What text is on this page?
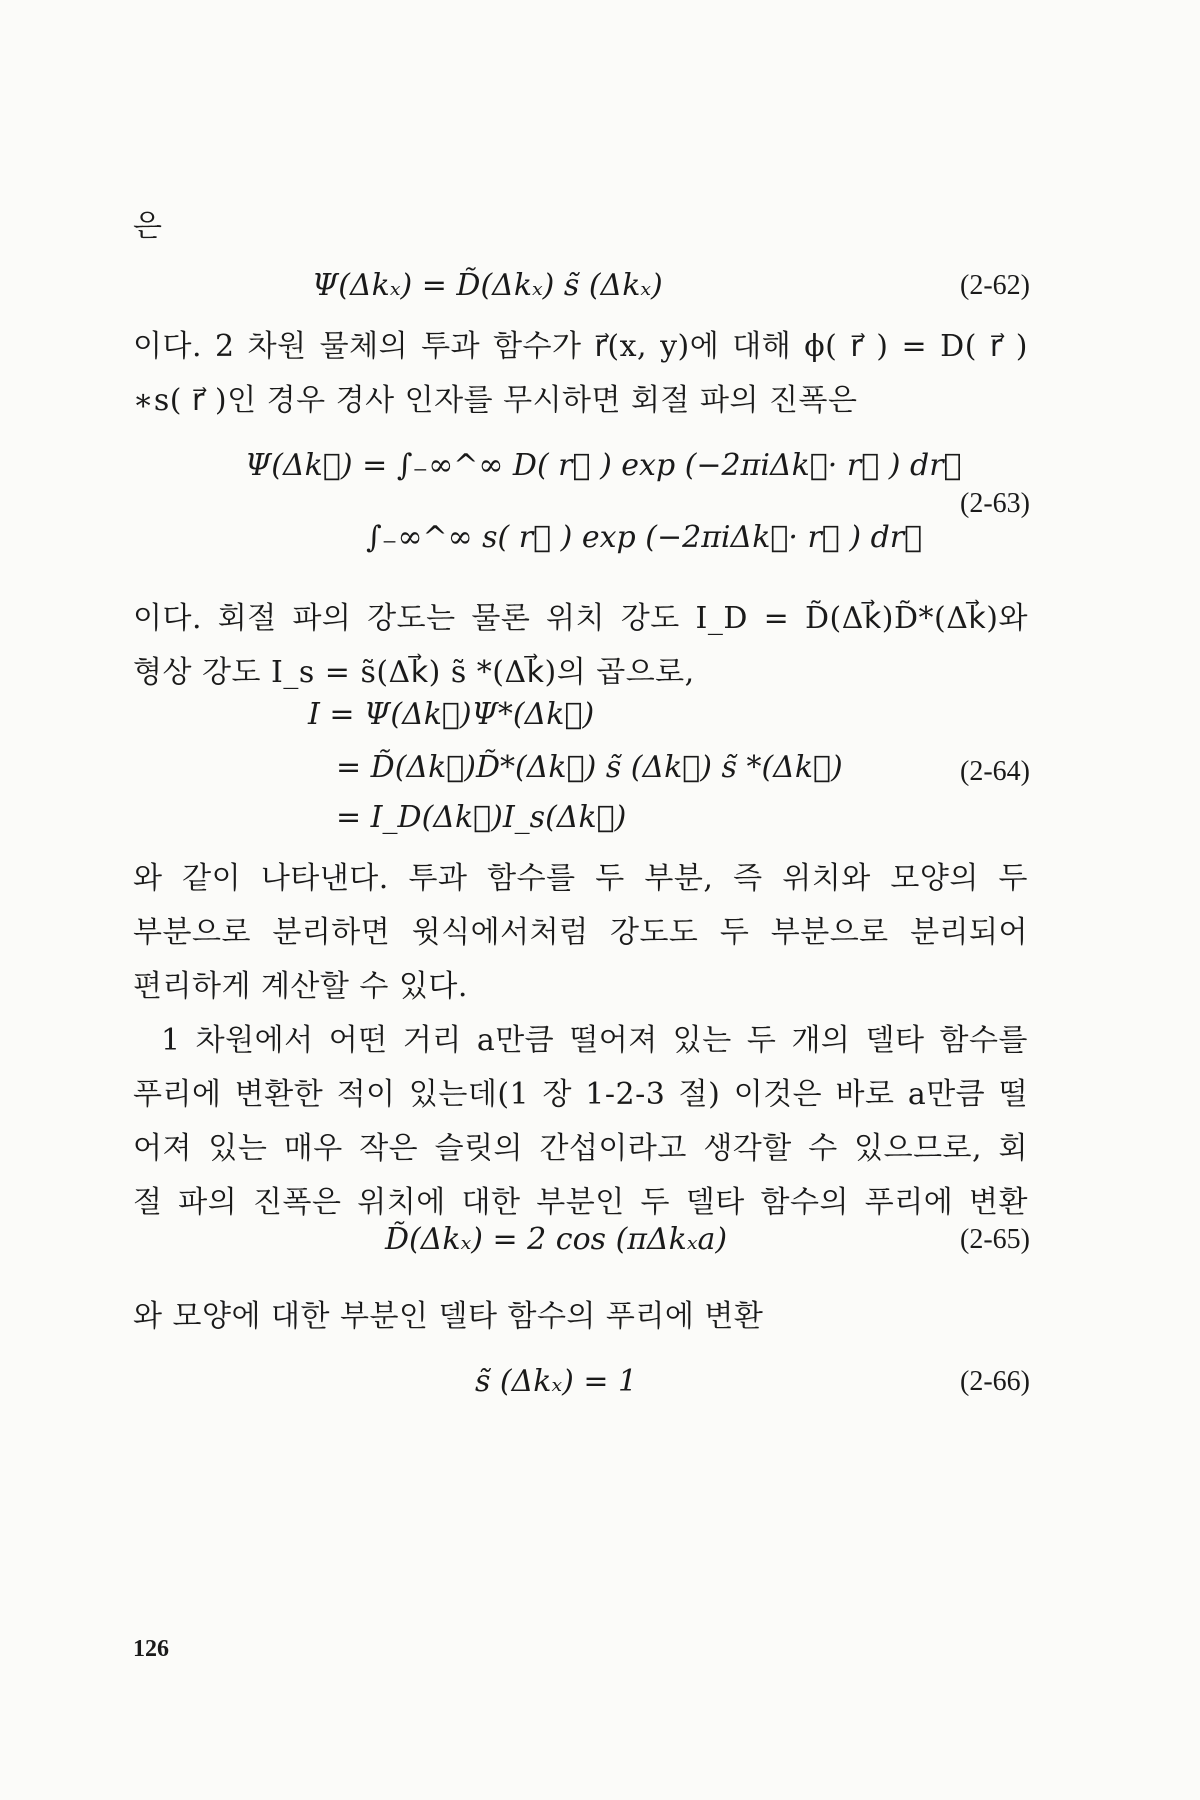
은
Ψ(Δkₓ) = D̃(Δkₓ) s̃ (Δkₓ)	(2-62)
이다. 2 차원 물체의 투과 함수가 r⃗(x, y)에 대해 ϕ( r⃗ ) = D( r⃗ )
∗s( r⃗ )인 경우 경사 인자를 무시하면 회절 파의 진폭은
Ψ(Δk⃗) = ∫₋∞^∞ D( r⃗ ) exp (−2πiΔk⃗· r⃗ ) dr⃗
∫₋∞^∞ s( r⃗ ) exp (−2πiΔk⃗· r⃗ ) dr⃗
(2-63)
이다. 회절 파의 강도는 물론 위치 강도 I_D = D̃(Δk⃗)D̃*(Δk⃗)와
형상 강도 I_s = s̃(Δk⃗) s̃ *(Δk⃗)의 곱으로,
I = Ψ(Δk⃗)Ψ*(Δk⃗)
= D̃(Δk⃗)D̃*(Δk⃗) s̃ (Δk⃗) s̃ *(Δk⃗)
= I_D(Δk⃗)I_s(Δk⃗)
(2-64)
와 같이 나타낸다. 투과 함수를 두 부분, 즉 위치와 모양의 두
부분으로 분리하면 윗식에서처럼 강도도 두 부분으로 분리되어
편리하게 계산할 수 있다.
1 차원에서 어떤 거리 a만큼 떨어져 있는 두 개의 델타 함수를
푸리에 변환한 적이 있는데(1 장 1-2-3 절) 이것은 바로 a만큼 떨
어져 있는 매우 작은 슬릿의 간섭이라고 생각할 수 있으므로, 회
절 파의 진폭은 위치에 대한 부분인 두 델타 함수의 푸리에 변환
D̃(Δkₓ) = 2 cos (πΔkₓa)	(2-65)
와 모양에 대한 부분인 델타 함수의 푸리에 변환
s̃ (Δkₓ) = 1	(2-66)
126
